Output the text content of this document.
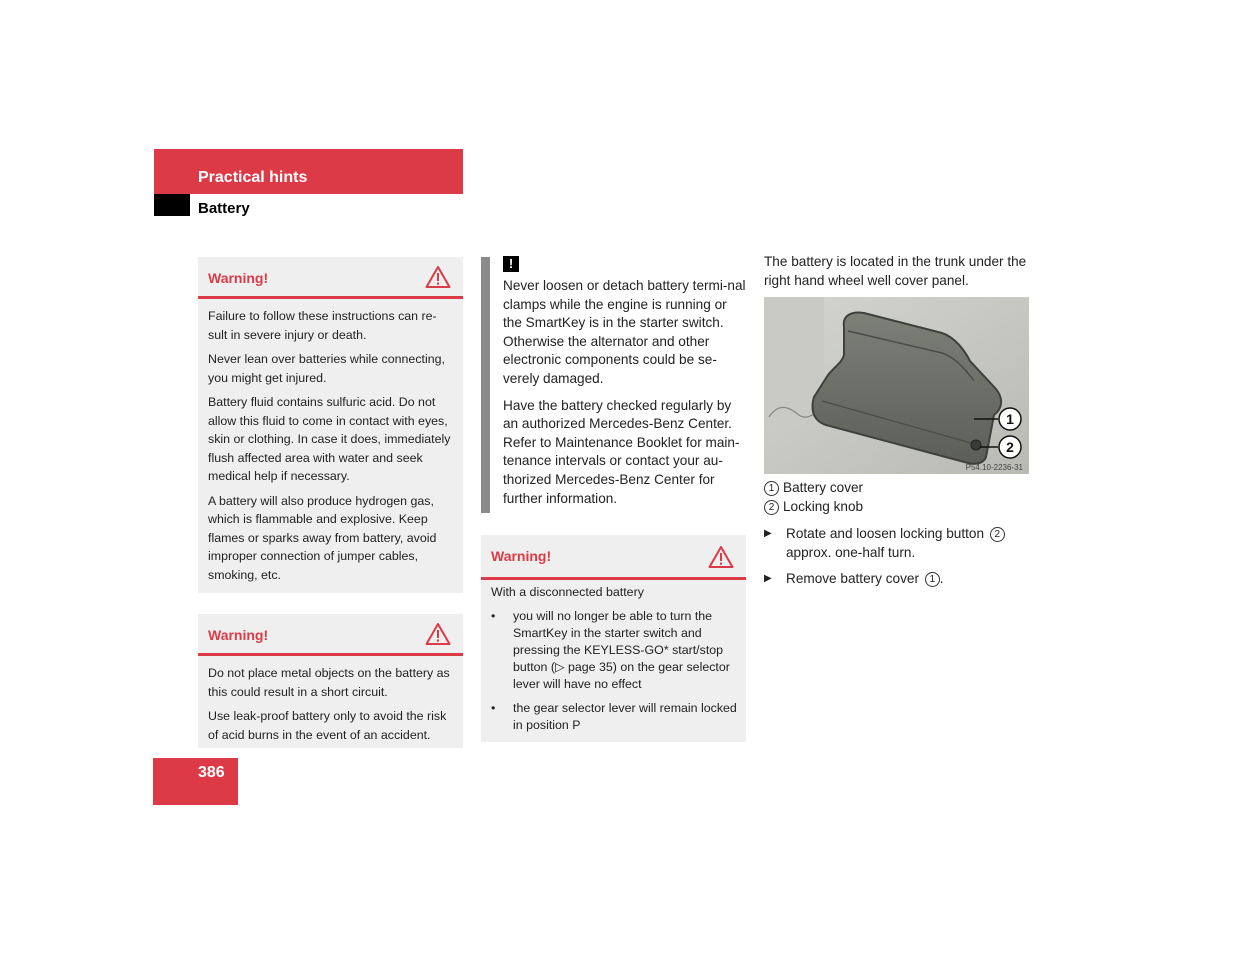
Practical hints
Battery
Warning!

Failure to follow these instructions can re-sult in severe injury or death.

Never lean over batteries while connecting, you might get injured.

Battery fluid contains sulfuric acid. Do not allow this fluid to come in contact with eyes, skin or clothing. In case it does, immediately flush affected area with water and seek medical help if necessary.

A battery will also produce hydrogen gas, which is flammable and explosive. Keep flames or sparks away from battery, avoid improper connection of jumper cables, smoking, etc.

Warning!

Do not place metal objects on the battery as this could result in a short circuit.

Use leak-proof battery only to avoid the risk of acid burns in the event of an accident.

!

Never loosen or detach battery termi-nal clamps while the engine is running or the SmartKey is in the starter switch. Otherwise the alternator and other electronic components could be se-verely damaged.

Have the battery checked regularly by an authorized Mercedes-Benz Center. Refer to Maintenance Booklet for main-tenance intervals or contact your au-thorized Mercedes-Benz Center for further information.

Warning!
With a disconnected battery
• you will no longer be able to turn the SmartKey in the starter switch and pressing the KEYLESS-GO* start/stop button (▷ page 35) on the gear selector lever will have no effect
• the gear selector lever will remain locked in position P
The battery is located in the trunk under the right hand wheel well cover panel.
1
2
P54.10-2236-31
1 Battery cover
2 Locking knob
▶	Rotate and loosen locking button 2
approx. one-half turn.
▶	Remove battery cover 1 .
386
